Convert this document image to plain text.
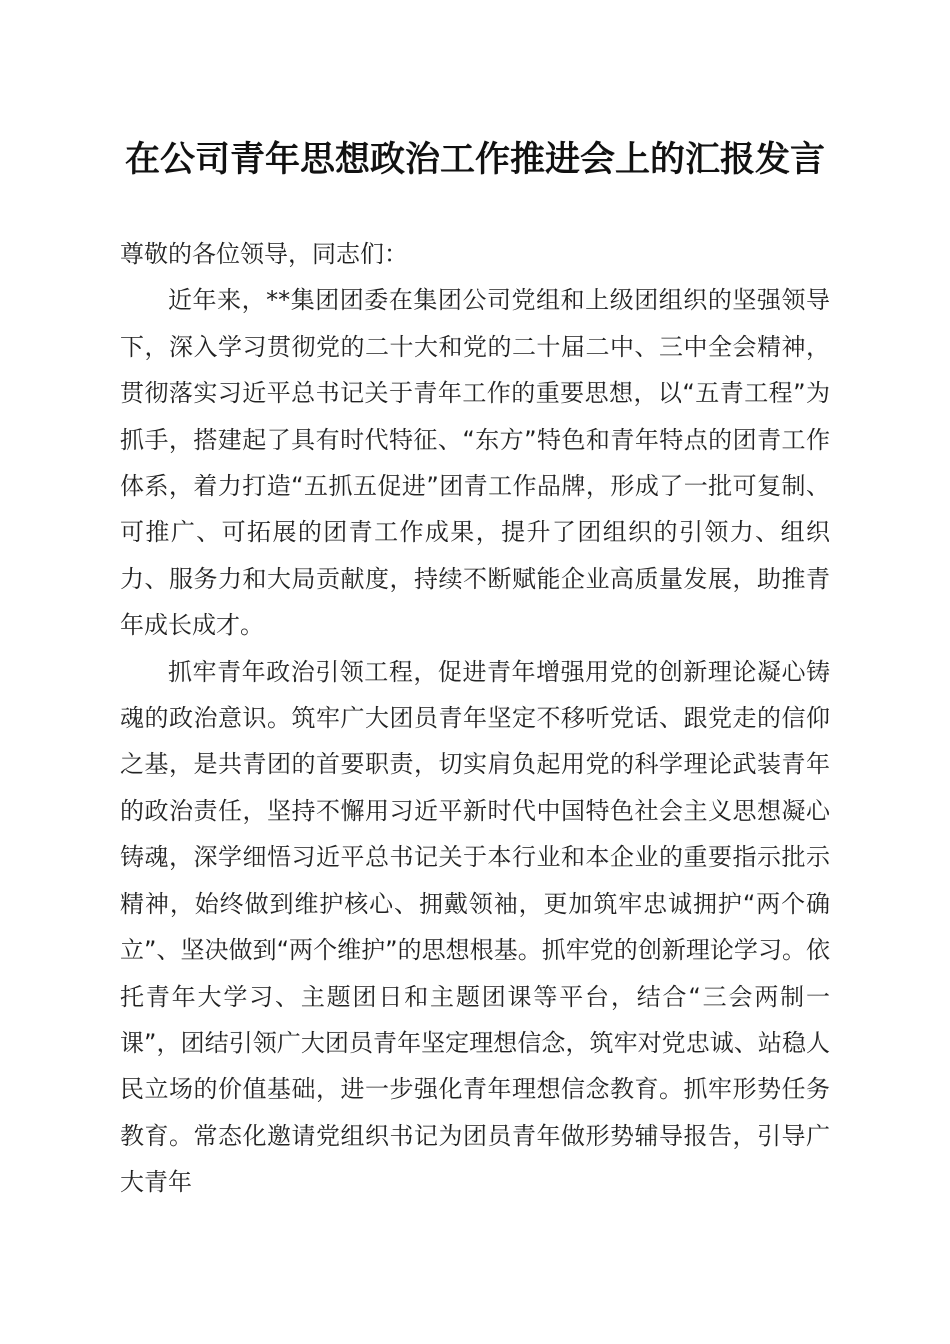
在公司青年思想政治工作推进会上的汇报发言

尊敬的各位领导，同志们：

近年来，**集团团委在集团公司党组和上级团组织的坚强领导下，深入学习贯彻党的二十大和党的二十届二中、三中全会精神，贯彻落实习近平总书记关于青年工作的重要思想，以“五青工程”为抓手，搭建起了具有时代特征、“东方”特色和青年特点的团青工作体系，着力打造“五抓五促进”团青工作品牌，形成了一批可复制、可推广、可拓展的团青工作成果，提升了团组织的引领力、组织力、服务力和大局贡献度，持续不断赋能企业高质量发展，助推青年成长成才。

抓牢青年政治引领工程，促进青年增强用党的创新理论凝心铸魂的政治意识。筑牢广大团员青年坚定不移听党话、跟党走的信仰之基，是共青团的首要职责，切实肩负起用党的科学理论武装青年的政治责任，坚持不懈用习近平新时代中国特色社会主义思想凝心铸魂，深学细悟习近平总书记关于本行业和本企业的重要指示批示精神，始终做到维护核心、拥戴领袖，更加筑牢忠诚拥护“两个确立”、坚决做到“两个维护”的思想根基。抓牢党的创新理论学习。依托青年大学习、主题团日和主题团课等平台，结合“三会两制一课”，团结引领广大团员青年坚定理想信念，筑牢对党忠诚、站稳人民立场的价值基础，进一步强化青年理想信念教育。抓牢形势任务教育。常态化邀请党组织书记为团员青年做形势辅导报告，引导广大青年
